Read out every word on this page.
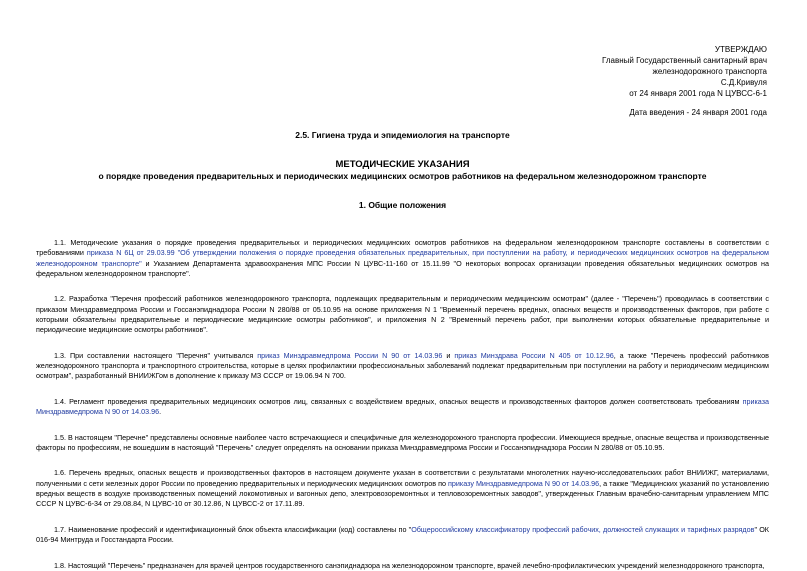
УТВЕРЖДАЮ
Главный Государственный санитарный врач
железнодорожного транспорта
С.Д.Кривуля
от 24 января 2001 года N ЦУВСС-6-1
Дата введения - 24 января 2001 года
2.5. Гигиена труда и эпидемиология на транспорте
МЕТОДИЧЕСКИЕ УКАЗАНИЯ
о порядке проведения предварительных и периодических медицинских осмотров работников на федеральном железнодорожном транспорте
1. Общие положения

1.1. Методические указания о порядке проведения предварительных и периодических медицинских осмотров работников на федеральном железнодорожном транспорте составлены в соответствии с требованиями приказа N 6Ц от 29.03.99 "Об утверждении положения о порядке проведения обязательных предварительных, при поступлении на работу, и периодических медицинских осмотров на федеральном железнодорожном транспорте" и Указанием Департамента здравоохранения МПС России N ЦУВС-11-160 от 15.11.99 "О некоторых вопросах организации проведения обязательных медицинских осмотров на федеральном железнодорожном транспорте".

1.2. Разработка "Перечня профессий работников железнодорожного транспорта, подлежащих предварительным и периодическим медицинским осмотрам" (далее - "Перечень") проводилась в соответствии с приказом Минздравмедпрома России и Госсанэпиднадзора России N 280/88 от 05.10.95 на основе приложения N 1 "Временный перечень вредных, опасных веществ и производственных факторов, при работе с которыми обязательны предварительные и периодические медицинские осмотры работников", и приложения N 2 "Временный перечень работ, при выполнении которых обязательные предварительные и периодические медицинские осмотры работников".

1.3. При составлении настоящего "Перечня" учитывался приказ Минздравмедпрома России N 90 от 14.03.96 и приказ Минздрава России N 405 от 10.12.96, а также "Перечень профессий работников железнодорожного транспорта и транспортного строительства, которые в целях профилактики профессиональных заболеваний подлежат предварительным при поступлении на работу и периодическим медицинским осмотрам", разработанный ВНИИЖГом в дополнение к приказу МЗ СССР от 19.06.94 N 700.

1.4. Регламент проведения предварительных медицинских осмотров лиц, связанных с воздействием вредных, опасных веществ и производственных факторов должен соответствовать требованиям приказа Минздравмедпрома N 90 от 14.03.96.

1.5. В настоящем "Перечне" представлены основные наиболее часто встречающиеся и специфичные для железнодорожного транспорта профессии. Имеющиеся вредные, опасные вещества и производственные факторы по профессиям, не вошедшим в настоящий "Перечень" следует определять на основании приказа Минздравмедпрома России и Госсанэпиднадзора России N 280/88 от 05.10.95.

1.6. Перечень вредных, опасных веществ и производственных факторов в настоящем документе указан в соответствии с результатами многолетних научно-исследовательских работ ВНИИЖГ, материалами, полученными с сети железных дорог России по проведению предварительных и периодических медицинских осмотров по приказу Минздравмедпрома N 90 от 14.03.96, а также "Медицинских указаний по установлению вредных веществ в воздухе производственных помещений локомотивных и вагонных депо, электровозоремонтных и тепловозоремонтных заводов", утвержденных Главным врачебно-санитарным управлением МПС СССР N ЦУВС-6-34 от 29.08.84, N ЦУВС-10 от 30.12.86, N ЦУВСС-2 от 17.11.89.

1.7. Наименование профессий и идентификационный блок объекта классификации (код) составлены по "Общероссийскому классификатору профессий рабочих, должностей служащих и тарифных разрядов" ОК 016-94 Минтруда и Госстандарта России.

1.8. Настоящий "Перечень" предназначен для врачей центров государственного санэпиднадзора на железнодорожном транспорте, врачей лечебно-профилактических учреждений железнодорожного транспорта,
